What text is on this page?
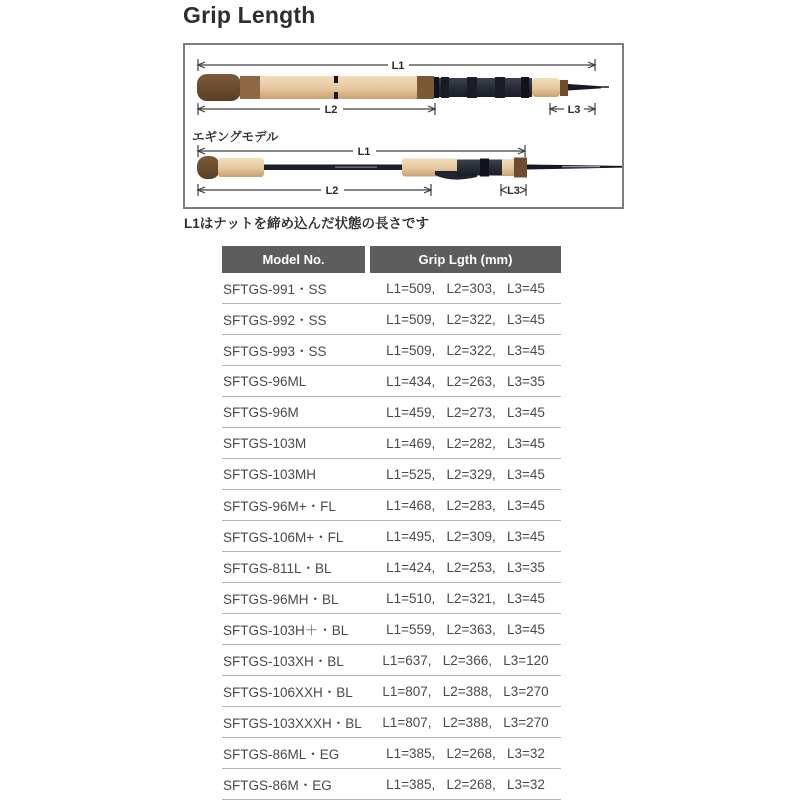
Grip Length
L1
L2	L3
エギングモデル
L1
L2	L3
L1はナットを締め込んだ状態の長さです
Model No.	Grip Lgth (mm)
SFTGS-991・SS	L1=509,   L2=303,   L3=45
SFTGS-992・SS	L1=509,   L2=322,   L3=45
SFTGS-993・SS	L1=509,   L2=322,   L3=45
SFTGS-96ML	L1=434,   L2=263,   L3=35
SFTGS-96M	L1=459,   L2=273,   L3=45
SFTGS-103M	L1=469,   L2=282,   L3=45
SFTGS-103MH	L1=525,   L2=329,   L3=45
SFTGS-96M+・FL	L1=468,   L2=283,   L3=45
SFTGS-106M+・FL	L1=495,   L2=309,   L3=45
SFTGS-811L・BL	L1=424,   L2=253,   L3=35
SFTGS-96MH・BL	L1=510,   L2=321,   L3=45
SFTGS-103H＋・BL	L1=559,   L2=363,   L3=45
SFTGS-103XH・BL	L1=637,   L2=366,   L3=120
SFTGS-106XXH・BL	L1=807,   L2=388,   L3=270
SFTGS-103XXXH・BL	L1=807,   L2=388,   L3=270
SFTGS-86ML・EG	L1=385,   L2=268,   L3=32
SFTGS-86M・EG	L1=385,   L2=268,   L3=32
